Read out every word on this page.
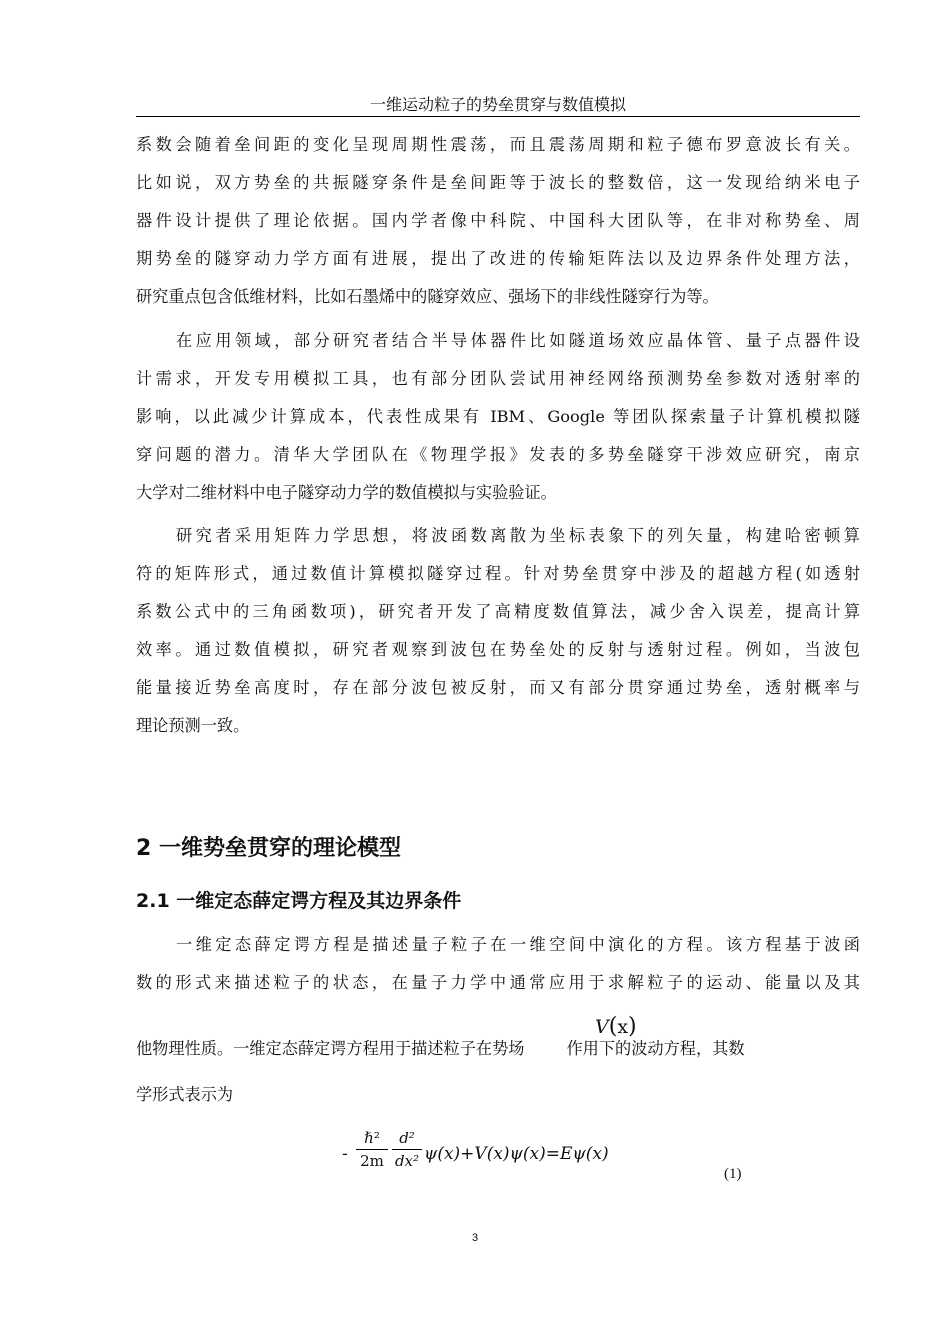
一维运动粒子的势垒贯穿与数值模拟
系数会随着垒间距的变化呈现周期性震荡，而且震荡周期和粒子德布罗意波长有关。
比如说，双方势垒的共振隧穿条件是垒间距等于波长的整数倍，这一发现给纳米电子
器件设计提供了理论依据。国内学者像中科院、中国科大团队等，在非对称势垒、周
期势垒的隧穿动力学方面有进展，提出了改进的传输矩阵法以及边界条件处理方法，
研究重点包含低维材料，比如石墨烯中的隧穿效应、强场下的非线性隧穿行为等。
在应用领域，部分研究者结合半导体器件比如隧道场效应晶体管、量子点器件设
计需求，开发专用模拟工具，也有部分团队尝试用神经网络预测势垒参数对透射率的
影响，以此减少计算成本，代表性成果有 IBM、Google 等团队探索量子计算机模拟隧
穿问题的潜力。清华大学团队在《物理学报》发表的多势垒隧穿干涉效应研究，南京
大学对二维材料中电子隧穿动力学的数值模拟与实验验证。
研究者采用矩阵力学思想，将波函数离散为坐标表象下的列矢量，构建哈密顿算
符的矩阵形式，通过数值计算模拟隧穿过程。针对势垒贯穿中涉及的超越方程(如透射
系数公式中的三角函数项)，研究者开发了高精度数值算法，减少舍入误差，提高计算
效率。通过数值模拟，研究者观察到波包在势垒处的反射与透射过程。例如，当波包
能量接近势垒高度时，存在部分波包被反射，而又有部分贯穿通过势垒，透射概率与
理论预测一致。
2 一维势垒贯穿的理论模型
2.1 一维定态薛定谔方程及其边界条件
一维定态薛定谔方程是描述量子粒子在一维空间中演化的方程。该方程基于波函
数的形式来描述粒子的状态，在量子力学中通常应用于求解粒子的运动、能量以及其
他物理性质。一维定态薛定谔方程用于描述粒子在势场	作用下的波动方程，其数
V(x)
学形式表示为
-
ℏ²
2m
d²
dx² ψ(x)+V(x)ψ(x)=Eψ(x)
(1)
3
